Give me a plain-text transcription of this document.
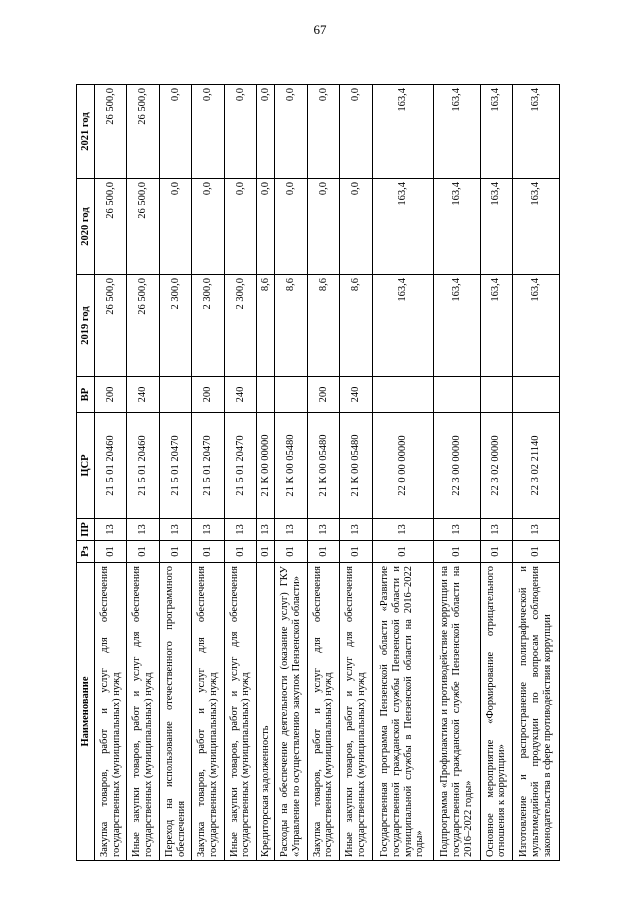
67
Наименование	Рз	ПР	ЦСР	ВР	2019 год	2020 год	2021 год
Закупка товаров, работ и услуг для обеспечения государственных (муниципальных) нужд	01	13	21 5 01 20460	200	26 500,0	26 500,0	26 500,0
Иные закупки товаров, работ и услуг для обеспечения государственных (муниципальных) нужд	01	13	21 5 01 20460	240	26 500,0	26 500,0	26 500,0
Переход на использование отечественного программного обеспечения	01	13	21 5 01 20470		2 300,0	0,0	0,0
Закупка товаров, работ и услуг для обеспечения государственных (муниципальных) нужд	01	13	21 5 01 20470	200	2 300,0	0,0	0,0
Иные закупки товаров, работ и услуг для обеспечения государственных (муниципальных) нужд	01	13	21 5 01 20470	240	2 300,0	0,0	0,0
Кредиторская задолженность	01	13	21 К 00 00000		8,6	0,0	0,0
Расходы на обеспечение деятельности (оказание услуг) ГКУ «Управление по осуществлению закупок Пензенской области»	01	13	21 К 00 05480		8,6	0,0	0,0
Закупка товаров, работ и услуг для обеспечения государственных (муниципальных) нужд	01	13	21 К 00 05480	200	8,6	0,0	0,0
Иные закупки товаров, работ и услуг для обеспечения государственных (муниципальных) нужд	01	13	21 К 00 05480	240	8,6	0,0	0,0
Государственная программа Пензенской области «Развитие государственной гражданской службы Пензенской области и муниципальной службы в Пензенской области на 2016–2022 годы»	01	13	22 0 00 00000		163,4	163,4	163,4
Подпрограмма «Профилактика и противодействие коррупции на государственной гражданской службе Пензенской области на 2016–2022 годы»	01	13	22 3 00 00000		163,4	163,4	163,4
Основное мероприятие «Формирование отрицательного отношения к коррупции»	01	13	22 3 02 00000		163,4	163,4	163,4
Изготовление и распространение полиграфической и мультимедийной продукции по вопросам соблюдения законодательства в сфере противодействия коррупции	01	13	22 3 02 21140		163,4	163,4	163,4
